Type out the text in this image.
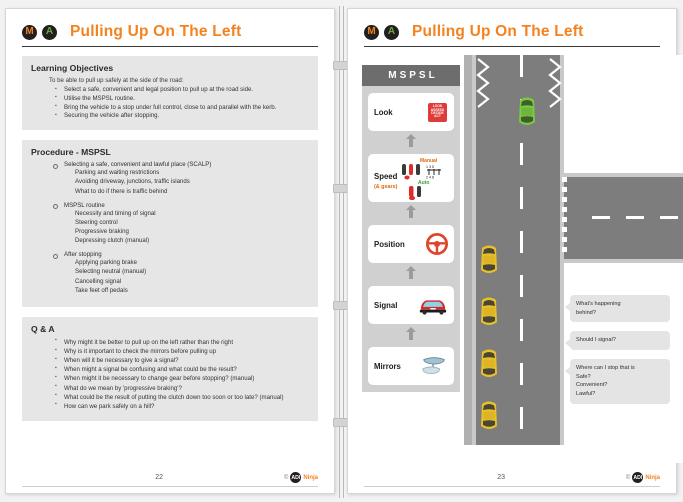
M	A Pulling Up On The Left
Learning Objectives
To be able to pull up safely at the side of the road:
▪ Select a safe, convenient and legal position to pull up at the road side.
▪ Utilise the MSPSL routine.
▪ Bring the vehicle to a stop under full control, close to and parallel with the kerb.
▪ Securing the vehicle after stopping.
Procedure - MSPSL
Selecting a safe, convenient and lawful place (SCALP)
Parking and waiting restrictions
Avoiding driveway, junctions, traffic islands
What to do if there is traffic behind
MSPSL routine
Necessity and timing of signal
Steering control
Progressive braking
Depressing clutch (manual)
After stopping
Applying parking brake
Selecting neutral (manual)
Cancelling signal
Take feet off pedals
Q & A
▪ Why might it be better to pull up on the left rather than the right
▪ Why is it important to check the mirrors before pulling up
▪ When will it be necessary to give a signal?
▪ When might a signal be confusing and what could be the result?
▪ When might it be necessary to change gear before stopping? (manual)
▪ What do we mean by 'progressive braking'?
▪ What could be the result of putting the clutch down too soon or too late? (manual)
▪ How can we park safely on a hill?
22	© ADI Ninja
M	A Pulling Up On The Left
MSPSL
Look
LOOK
ASSESS
DECIDE
ACT
Speed
(& gears)
Manual
1 3 5
2 4 6
Auto
Position
Signal
Mirrors

What's happening

behind?

Should I signal?

Where can I stop that is

Safe?

Convenient?

Lawful?

23	© ADI Ninja
